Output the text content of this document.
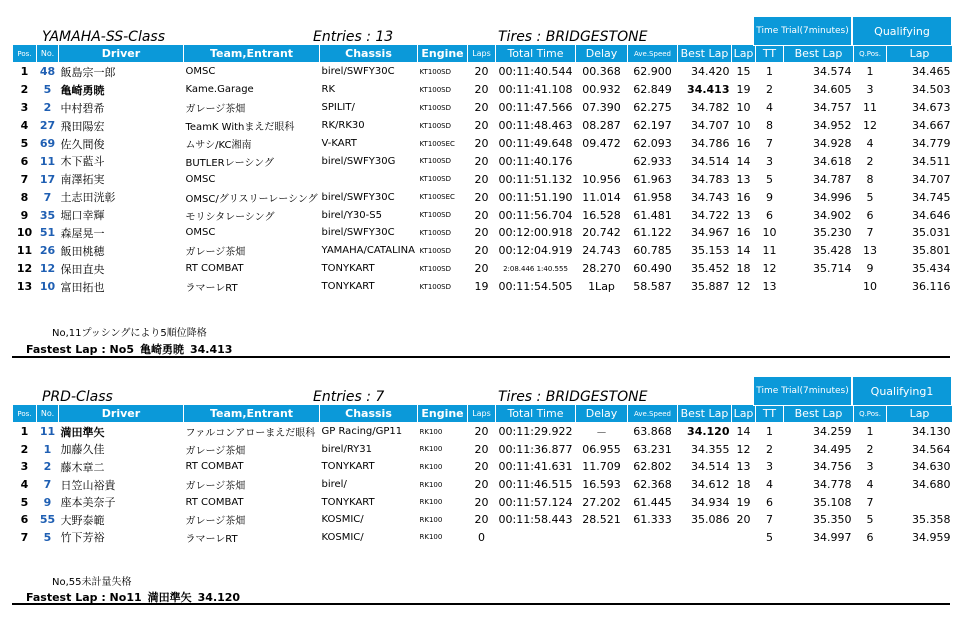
YAMAHA-SS-Class	Entries : 13	Tires : BRIDGESTONE	Time Trial(7minutes)	Qualifying
Pos.	No.	Driver	Team,Entrant	Chassis	Engine	Laps	Total Time	Delay	Ave.Speed	Best Lap	Lap	TT	Best Lap	Q.Pos.	Lap
1	48	飯島宗一郎	OMSC	birel/SWFY30C	KT100SD	20	00:11:40.544	00.368	62.900	34.420	15	1	34.574	1	34.465
2	5	亀崎勇暁	Kame.Garage	RK	KT100SD	20	00:11:41.108	00.932	62.849	34.413	19	2	34.605	3	34.503
3	2	中村碧希	ガレージ茶畑	SPILIT/	KT100SD	20	00:11:47.566	07.390	62.275	34.782	10	4	34.757	11	34.673
4	27	飛田陽宏	TeamK Withまえだ眼科	RK/RK30	KT100SD	20	00:11:48.463	08.287	62.197	34.707	10	8	34.952	12	34.667
5	69	佐久間俊	ムサシ/KC湘南	V-KART	KT100SEC	20	00:11:49.648	09.472	62.093	34.786	16	7	34.928	4	34.779
6	11	木下藍斗	BUTLERレーシング	birel/SWFY30G	KT100SD	20	00:11:40.176		62.933	34.514	14	3	34.618	2	34.511
7	17	南澤拓実	OMSC		KT100SD	20	00:11:51.132	10.956	61.963	34.783	13	5	34.787	8	34.707
8	7	土志田洸彰	OMSC/グリスリーレーシング	birel/SWFY30C	KT100SEC	20	00:11:51.190	11.014	61.958	34.743	16	9	34.996	5	34.745
9	35	堀口幸輝	モリシタレーシング	birel/Y30-S5	KT100SD	20	00:11:56.704	16.528	61.481	34.722	13	6	34.902	6	34.646
10	51	森屋晃一	OMSC	birel/SWFY30C	KT100SD	20	00:12:00.918	20.742	61.122	34.967	16	10	35.230	7	35.031
11	26	飯田桃穂	ガレージ茶畑	YAMAHA/CATALINA	KT100SD	20	00:12:04.919	24.743	60.785	35.153	14	11	35.428	13	35.801
12	12	保田直央	RT COMBAT	TONYKART	KT100SD	20	2:08.446 1:40.555	28.270	60.490	35.452	18	12	35.714	9	35.434
13	10	富田拓也	ラマーレRT	TONYKART	KT100SD	19	00:11:54.505	1Lap	58.587	35.887	12	13		10	36.116
No,11プッシングにより5順位降格
Fastest Lap : No5 亀崎勇暁 34.413
PRD-Class	Entries : 7	Tires : BRIDGESTONE	Time Trial(7minutes)	Qualifying1
Pos.	No.	Driver	Team,Entrant	Chassis	Engine	Laps	Total Time	Delay	Ave.Speed	Best Lap	Lap	TT	Best Lap	Q.Pos.	Lap
1	11	満田準矢	ファルコンアローまえだ眼科	GP Racing/GP11	RK100	20	00:11:29.922	－	63.868	34.120	14	1	34.259	1	34.130
2	1	加藤久佳	ガレージ茶畑	birel/RY31	RK100	20	00:11:36.877	06.955	63.231	34.355	12	2	34.495	2	34.564
3	2	藤木章二	RT COMBAT	TONYKART	RK100	20	00:11:41.631	11.709	62.802	34.514	13	3	34.756	3	34.630
4	7	日笠山裕貴	ガレージ茶畑	birel/	RK100	20	00:11:46.515	16.593	62.368	34.612	18	4	34.778	4	34.680
5	9	座本美奈子	RT COMBAT	TONYKART	RK100	20	00:11:57.124	27.202	61.445	34.934	19	6	35.108	7	
6	55	大野泰範	ガレージ茶畑	KOSMIC/	RK100	20	00:11:58.443	28.521	61.333	35.086	20	7	35.350	5	35.358
7	5	竹下芳裕	ラマーレRT	KOSMIC/	RK100	0						5	34.997	6	34.959
No,55未計量失格
Fastest Lap : No11 満田準矢 34.120
